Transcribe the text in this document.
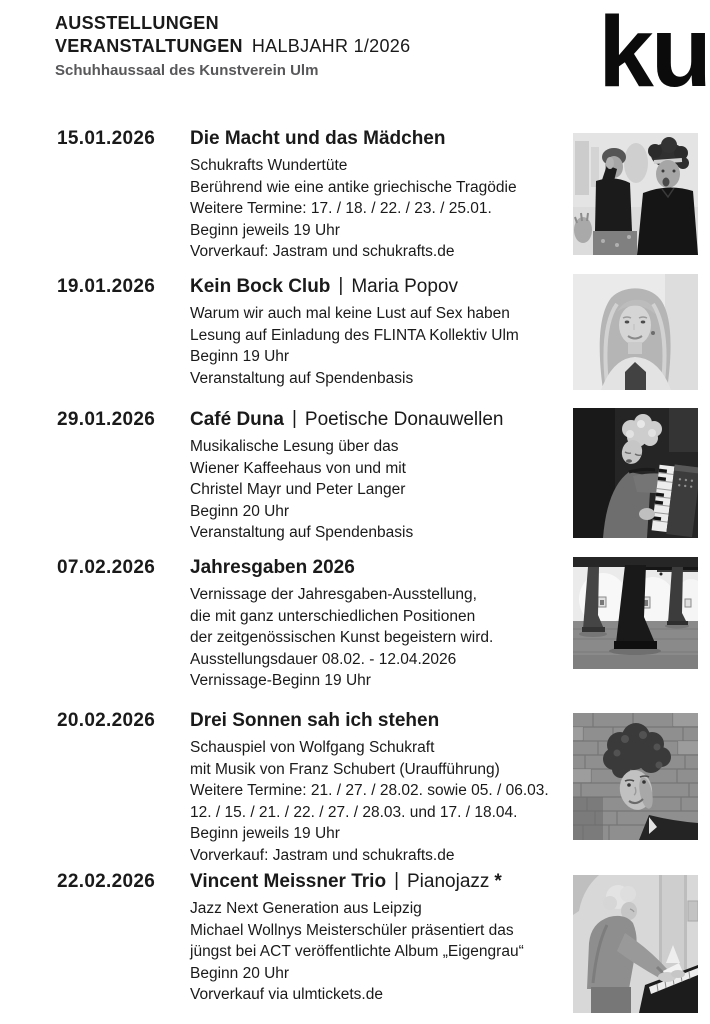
AUSSTELLUNGEN
VERANSTALTUNGEN HALBJAHR 1/2026
Schuhhaussaal des Kunstverein Ulm	ku
15.01.2026 Die Macht und das Mädchen
Schukrafts Wundertüte
Berührend wie eine antike griechische Tragödie
Weitere Termine: 17. / 18. / 22. / 23. / 25.01.
Beginn jeweils 19 Uhr
Vorverkauf: Jastram und schukrafts.de
19.01.2026 Kein Bock Club | Maria Popov
Warum wir auch mal keine Lust auf Sex haben
Lesung auf Einladung des FLINTA Kollektiv Ulm
Beginn 19 Uhr
Veranstaltung auf Spendenbasis
29.01.2026 Café Duna | Poetische Donauwellen
Musikalische Lesung über das
Wiener Kaffeehaus von und mit
Christel Mayr und Peter Langer
Beginn 20 Uhr
Veranstaltung auf Spendenbasis
07.02.2026 Jahresgaben 2026
Vernissage der Jahresgaben-Ausstellung,
die mit ganz unterschiedlichen Positionen
der zeitgenössischen Kunst begeistern wird.
Ausstellungsdauer 08.02. - 12.04.2026
Vernissage-Beginn 19 Uhr
20.02.2026 Drei Sonnen sah ich stehen
Schauspiel von Wolfgang Schukraft
mit Musik von Franz Schubert (Uraufführung)
Weitere Termine: 21. / 27. / 28.02. sowie 05. / 06.03.
12. / 15. / 21. / 22. / 27. / 28.03. und 17. / 18.04.
Beginn jeweils 19 Uhr
Vorverkauf: Jastram und schukrafts.de
22.02.2026 Vincent Meissner Trio | Pianojazz *
Jazz Next Generation aus Leipzig
Michael Wollnys Meisterschüler präsentiert das
jüngst bei ACT veröffentlichte Album „Eigengrau“
Beginn 20 Uhr
Vorverkauf via ulmtickets.de
